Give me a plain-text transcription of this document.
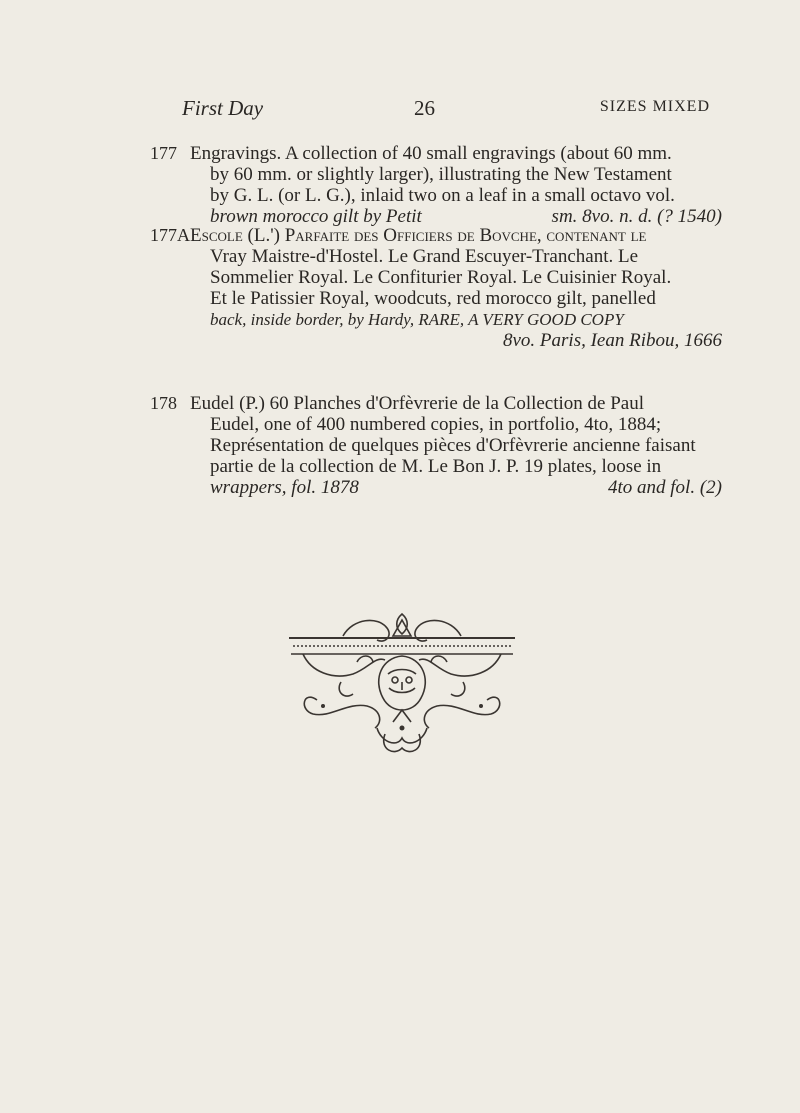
First Day	26	SIZES MIXED
177 Engravings. A collection of 40 small engravings (about 60 mm.
by 60 mm. or slightly larger), illustrating the New Testament
by G. L. (or L. G.), inlaid two on a leaf in a small octavo vol.
brown morocco gilt by Petit	sm. 8vo. n. d. (? 1540)
177A Escole (L.') Parfaite des Officiers de Bovche, contenant le
Vray Maistre-d'Hostel. Le Grand Escuyer-Tranchant. Le
Sommelier Royal. Le Confiturier Royal. Le Cuisinier Royal.
Et le Patissier Royal, woodcuts, red morocco gilt, panelled
back, inside border, by Hardy, RARE, A VERY GOOD COPY
8vo. Paris, Iean Ribou, 1666
178 Eudel (P.) 60 Planches d'Orfèvrerie de la Collection de Paul
Eudel, one of 400 numbered copies, in portfolio, 4to, 1884;
Représentation de quelques pièces d'Orfèvrerie ancienne faisant
partie de la collection de M. Le Bon J. P. 19 plates, loose in
wrappers, fol. 1878	4to and fol. (2)
